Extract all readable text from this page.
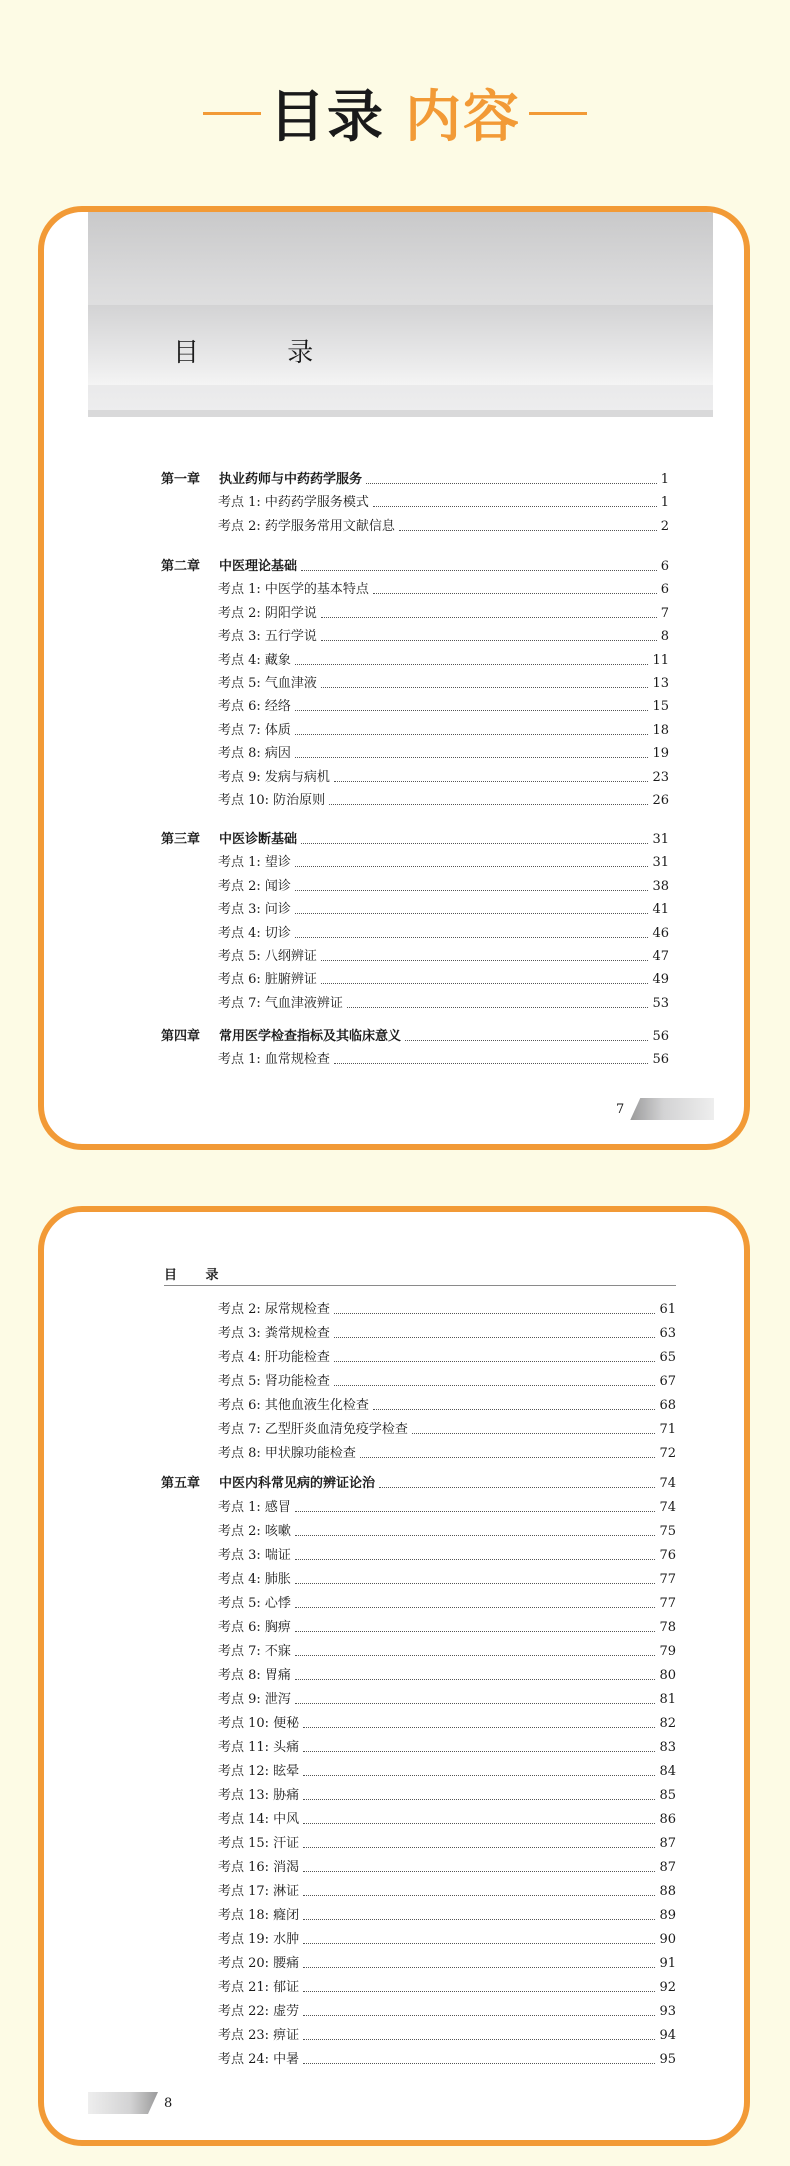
目录 内容
目 录
第一章 执业药师与中药药学服务	1
考点 1: 中药药学服务模式	1
考点 2: 药学服务常用文献信息	2
第二章 中医理论基础	6
考点 1: 中医学的基本特点	6
考点 2: 阴阳学说	7
考点 3: 五行学说	8
考点 4: 藏象	11
考点 5: 气血津液	13
考点 6: 经络	15
考点 7: 体质	18
考点 8: 病因	19
考点 9: 发病与病机	23
考点 10: 防治原则	26
第三章 中医诊断基础	31
考点 1: 望诊	31
考点 2: 闻诊	38
考点 3: 问诊	41
考点 4: 切诊	46
考点 5: 八纲辨证	47
考点 6: 脏腑辨证	49
考点 7: 气血津液辨证	53
第四章 常用医学检查指标及其临床意义	56
考点 1: 血常规检查	56
7
目 录
考点 2: 尿常规检查	61
考点 3: 粪常规检查	63
考点 4: 肝功能检查	65
考点 5: 肾功能检查	67
考点 6: 其他血液生化检查	68
考点 7: 乙型肝炎血清免疫学检查	71
考点 8: 甲状腺功能检查	72
第五章 中医内科常见病的辨证论治	74
考点 1: 感冒	74
考点 2: 咳嗽	75
考点 3: 喘证	76
考点 4: 肺胀	77
考点 5: 心悸	77
考点 6: 胸痹	78
考点 7: 不寐	79
考点 8: 胃痛	80
考点 9: 泄泻	81
考点 10: 便秘	82
考点 11: 头痛	83
考点 12: 眩晕	84
考点 13: 胁痛	85
考点 14: 中风	86
考点 15: 汗证	87
考点 16: 消渴	87
考点 17: 淋证	88
考点 18: 癃闭	89
考点 19: 水肿	90
考点 20: 腰痛	91
考点 21: 郁证	92
考点 22: 虚劳	93
考点 23: 痹证	94
考点 24: 中暑	95
8
